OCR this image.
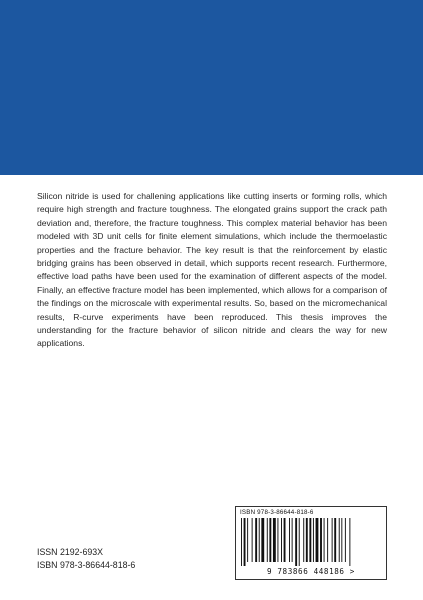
Silicon nitride is used for challening applications like cutting inserts or forming rolls, which require high strength and fracture toughness. The elongated grains support the crack path deviation and, therefore, the fracture toughness. This complex material behavior has been modeled with 3D unit cells for finite element simulations, which include the thermoelastic properties and the fracture behavior. The key result is that the reinforcement by elastic bridging grains has been observed in detail, which supports recent research. Furthermore, effective load paths have been used for the examination of different aspects of the model. Finally, an effective fracture model has been implemented, which allows for a comparison of the findings on the microscale with experimental results. So, based on the micromechanical results, R-curve experiments have been reproduced. This thesis improves the understanding for the fracture behavior of silicon nitride and clears the way for new applications.

ISSN 2192-693X
ISBN 978-3-86644-818-6
ISBN 978-3-86644-818-6
9 783866 448186 >
